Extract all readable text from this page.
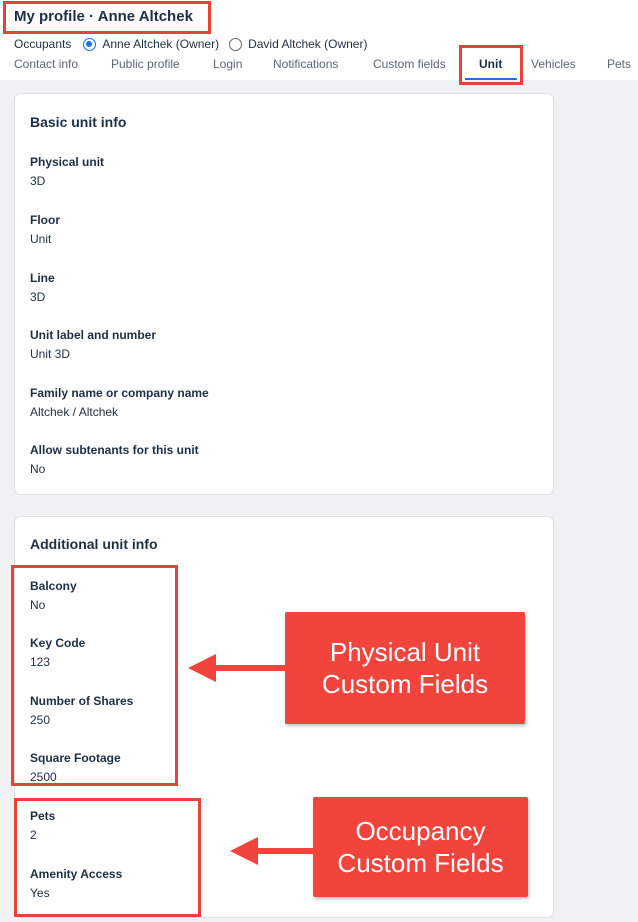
My profile · Anne Altchek
Occupants	Anne Altchek (Owner) David Altchek (Owner)
Contact info	Public profile	Login	Notifications	Custom fields	Unit Vehicles	Pets
Basic unit info
Physical unit
3D
Floor
Unit
Line
3D
Unit label and number
Unit 3D
Family name or company name
Altchek / Altchek
Allow subtenants for this unit
No
Additional unit info
Balcony
No
Key Code
123
Number of Shares
250
Square Footage
2500
Pets
2
Amenity Access
Yes
Physical Unit
Custom Fields
Occupancy
Custom Fields
